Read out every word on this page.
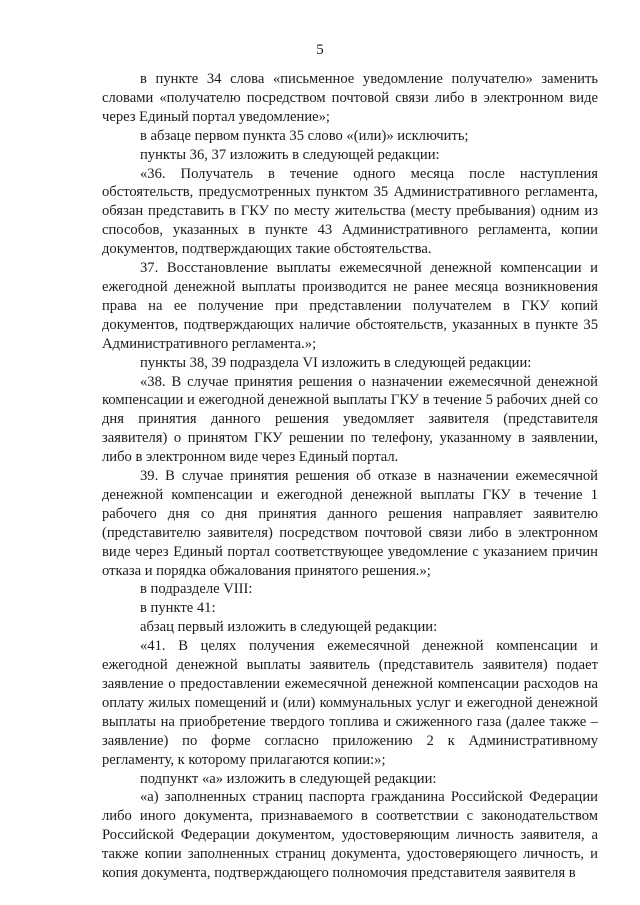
5

в пункте 34 слова «письменное уведомление получателю» заменить словами «получателю посредством почтовой связи либо в электронном виде через Единый портал уведомление»;

в абзаце первом пункта 35 слово «(или)» исключить;

пункты 36, 37 изложить в следующей редакции:

«36. Получатель в течение одного месяца после наступления обстоятельств, предусмотренных пунктом 35 Административного регламента, обязан представить в ГКУ по месту жительства (месту пребывания) одним из способов, указанных в пункте 43 Административного регламента, копии документов, подтверждающих такие обстоятельства.

37. Восстановление выплаты ежемесячной денежной компенсации и ежегодной денежной выплаты производится не ранее месяца возникновения права на ее получение при представлении получателем в ГКУ копий документов, подтверждающих наличие обстоятельств, указанных в пункте 35 Административного регламента.»;

пункты 38, 39 подраздела VI изложить в следующей редакции:

«38. В случае принятия решения о назначении ежемесячной денежной компенсации и ежегодной денежной выплаты ГКУ в течение 5 рабочих дней со дня принятия данного решения уведомляет заявителя (представителя заявителя) о принятом ГКУ решении по телефону, указанному в заявлении, либо в электронном виде через Единый портал.

39. В случае принятия решения об отказе в назначении ежемесячной денежной компенсации и ежегодной денежной выплаты ГКУ в течение 1 рабочего дня со дня принятия данного решения направляет заявителю (представителю заявителя) посредством почтовой связи либо в электронном виде через Единый портал соответствующее уведомление с указанием причин отказа и порядка обжалования принятого решения.»;

в подразделе VIII:

в пункте 41:

абзац первый изложить в следующей редакции:

«41. В целях получения ежемесячной денежной компенсации и ежегодной денежной выплаты заявитель (представитель заявителя) подает заявление о предоставлении ежемесячной денежной компенсации расходов на оплату жилых помещений и (или) коммунальных услуг и ежегодной денежной выплаты на приобретение твердого топлива и сжиженного газа (далее также – заявление) по форме согласно приложению 2 к Административному регламенту, к которому прилагаются копии:»;

подпункт «а» изложить в следующей редакции:

«а) заполненных страниц паспорта гражданина Российской Федерации либо иного документа, признаваемого в соответствии с законодательством Российской Федерации документом, удостоверяющим личность заявителя, а также копии заполненных страниц документа, удостоверяющего личность, и копия документа, подтверждающего полномочия представителя заявителя в
